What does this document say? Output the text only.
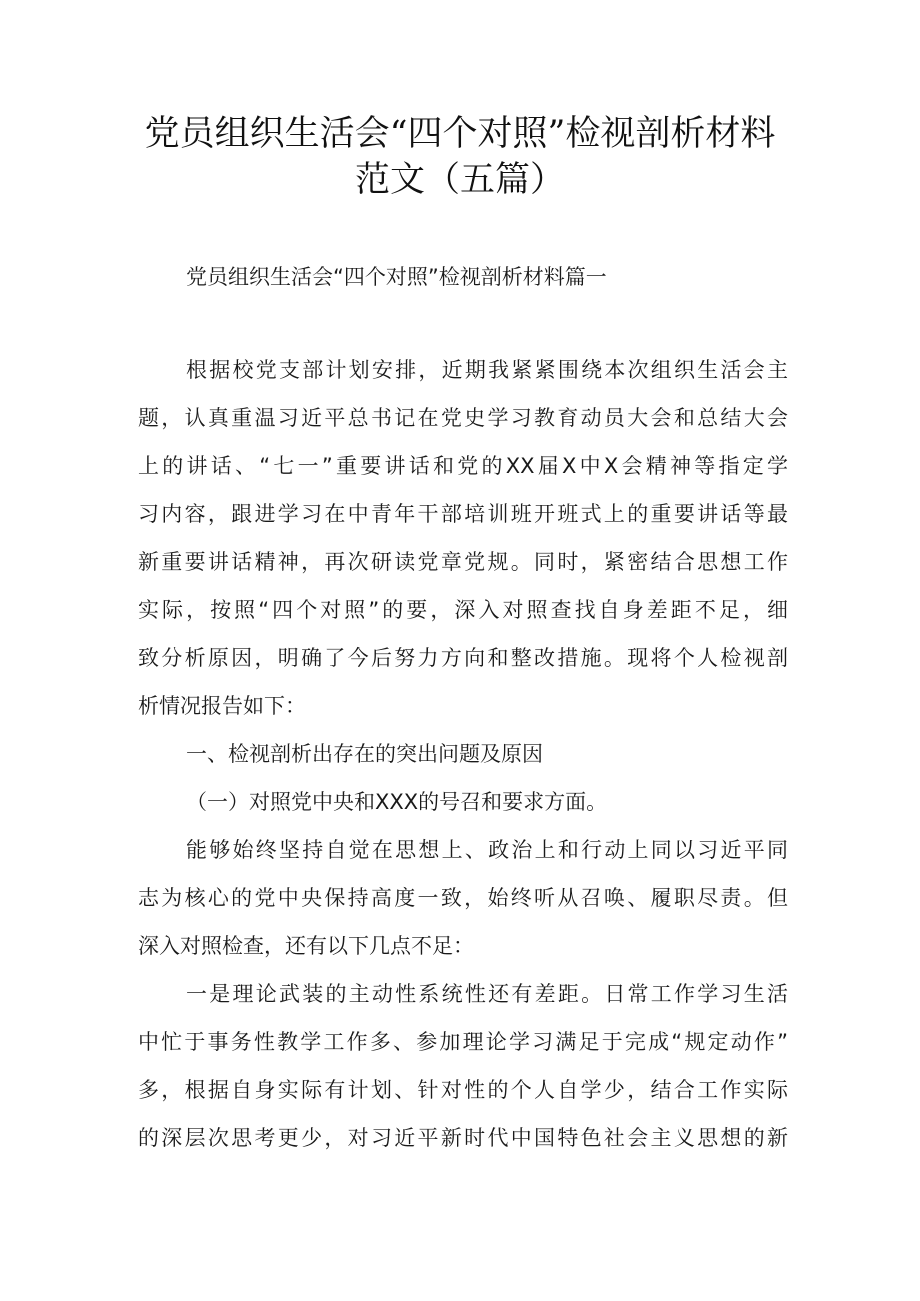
党员组织生活会“四个对照”检视剖析材料
范文（五篇）
党员组织生活会“四个对照”检视剖析材料篇一
根据校党支部计划安排，近期我紧紧围绕本次组织生活会主
题，认真重温习近平总书记在党史学习教育动员大会和总结大会
上的讲话、“七一”重要讲话和党的XX届X中X会精神等指定学
习内容，跟进学习在中青年干部培训班开班式上的重要讲话等最
新重要讲话精神，再次研读党章党规。同时，紧密结合思想工作
实际，按照“四个对照”的要，深入对照查找自身差距不足，细
致分析原因，明确了今后努力方向和整改措施。现将个人检视剖
析情况报告如下：
一、检视剖析出存在的突出问题及原因
（一）对照党中央和XXX的号召和要求方面。
能够始终坚持自觉在思想上、政治上和行动上同以习近平同
志为核心的党中央保持高度一致，始终听从召唤、履职尽责。但
深入对照检查，还有以下几点不足：
一是理论武装的主动性系统性还有差距。日常工作学习生活
中忙于事务性教学工作多、参加理论学习满足于完成“规定动作”
多，根据自身实际有计划、针对性的个人自学少，结合工作实际
的深层次思考更少，对习近平新时代中国特色社会主义思想的新
